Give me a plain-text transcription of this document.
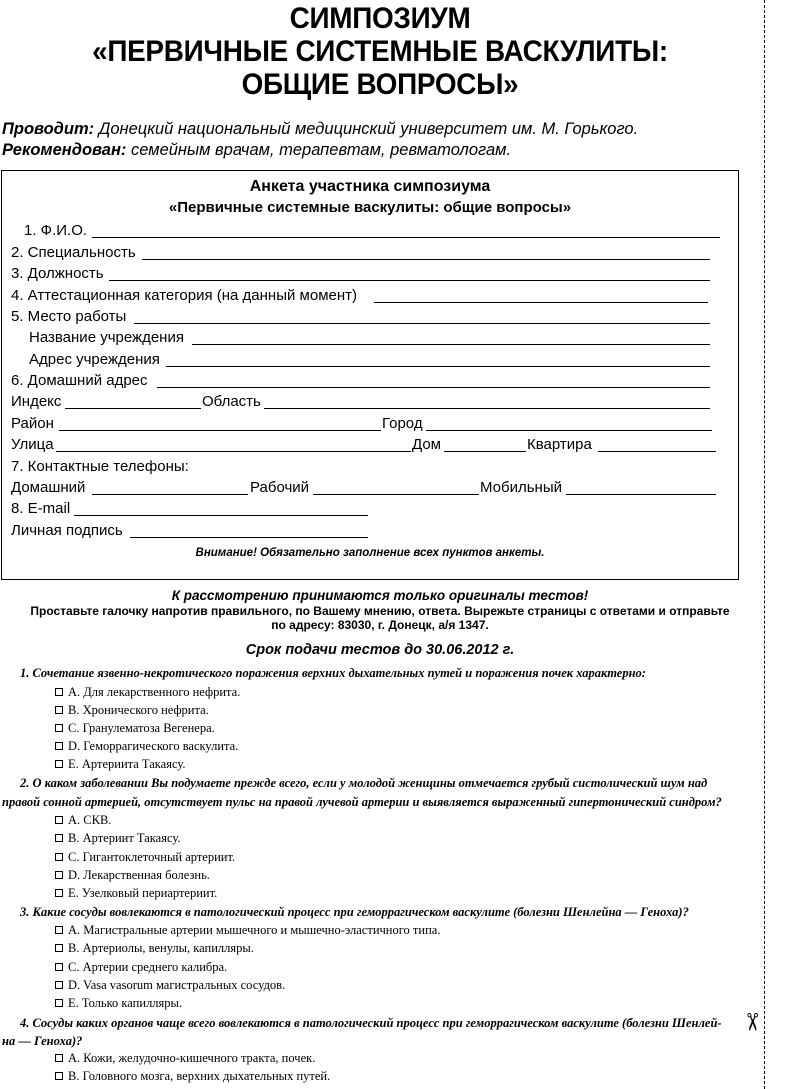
СИМПОЗИУМ
«ПЕРВИЧНЫЕ СИСТЕМНЫЕ ВАСКУЛИТЫ:
ОБЩИЕ ВОПРОСЫ»
Проводит: Донецкий национальный медицинский университет им. М. Горького.
Рекомендован: семейным врачам, терапевтам, ревматологам.
Анкета участника симпозиума
«Первичные системные васкулиты: общие вопросы»
1. Ф.И.О.
2. Специальность
3. Должность
4. Аттестационная категория (на данный момент)
5. Место работы
Название учреждения
Адрес учреждения
6. Домашний адрес
Индекс	Область
Район	Город
Улица	Дом	Квартира
7. Контактные телефоны:
Домашний	Рабочий	Мобильный
8. E-mail
Личная подпись
Внимание! Обязательно заполнение всех пунктов анкеты.
К рассмотрению принимаются только оригиналы тестов!
Проставьте галочку напротив правильного, по Вашему мнению, ответа. Вырежьте страницы с ответами и отправьте
по адресу: 83030, г. Донецк, а/я 1347.
Срок подачи тестов до 30.06.2012 г.
1. Сочетание язвенно-некротического поражения верхних дыхательных путей и поражения почек характерно:
A. Для лекарственного нефрита.
B. Хронического нефрита.
C. Гранулематоза Вегенера.
D. Геморрагического васкулита.
E. Артериита Такаясу.
2. О каком заболевании Вы подумаете прежде всего, если у молодой женщины отмечается грубый систолический шум над
правой сонной артерией, отсутствует пульс на правой лучевой артерии и выявляется выраженный гипертонический синдром?
A. СКВ.
B. Артериит Такаясу.
C. Гигантоклеточный артериит.
D. Лекарственная болезнь.
E. Узелковый периартериит.
3. Какие сосуды вовлекаются в патологический процесс при геморрагическом васкулите (болезни Шенлейна — Геноха)?
A. Магистральные артерии мышечного и мышечно-эластичного типа.
B. Артериолы, венулы, капилляры.
C. Артерии среднего калибра.
D. Vasa vasorum магистральных сосудов.
E. Только капилляры.
4. Сосуды каких органов чаще всего вовлекаются в патологический процесс при геморрагическом васкулите (болезни Шенлей-
на — Геноха)?
A. Кожи, желудочно-кишечного тракта, почек.
B. Головного мозга, верхних дыхательных путей.
✂
